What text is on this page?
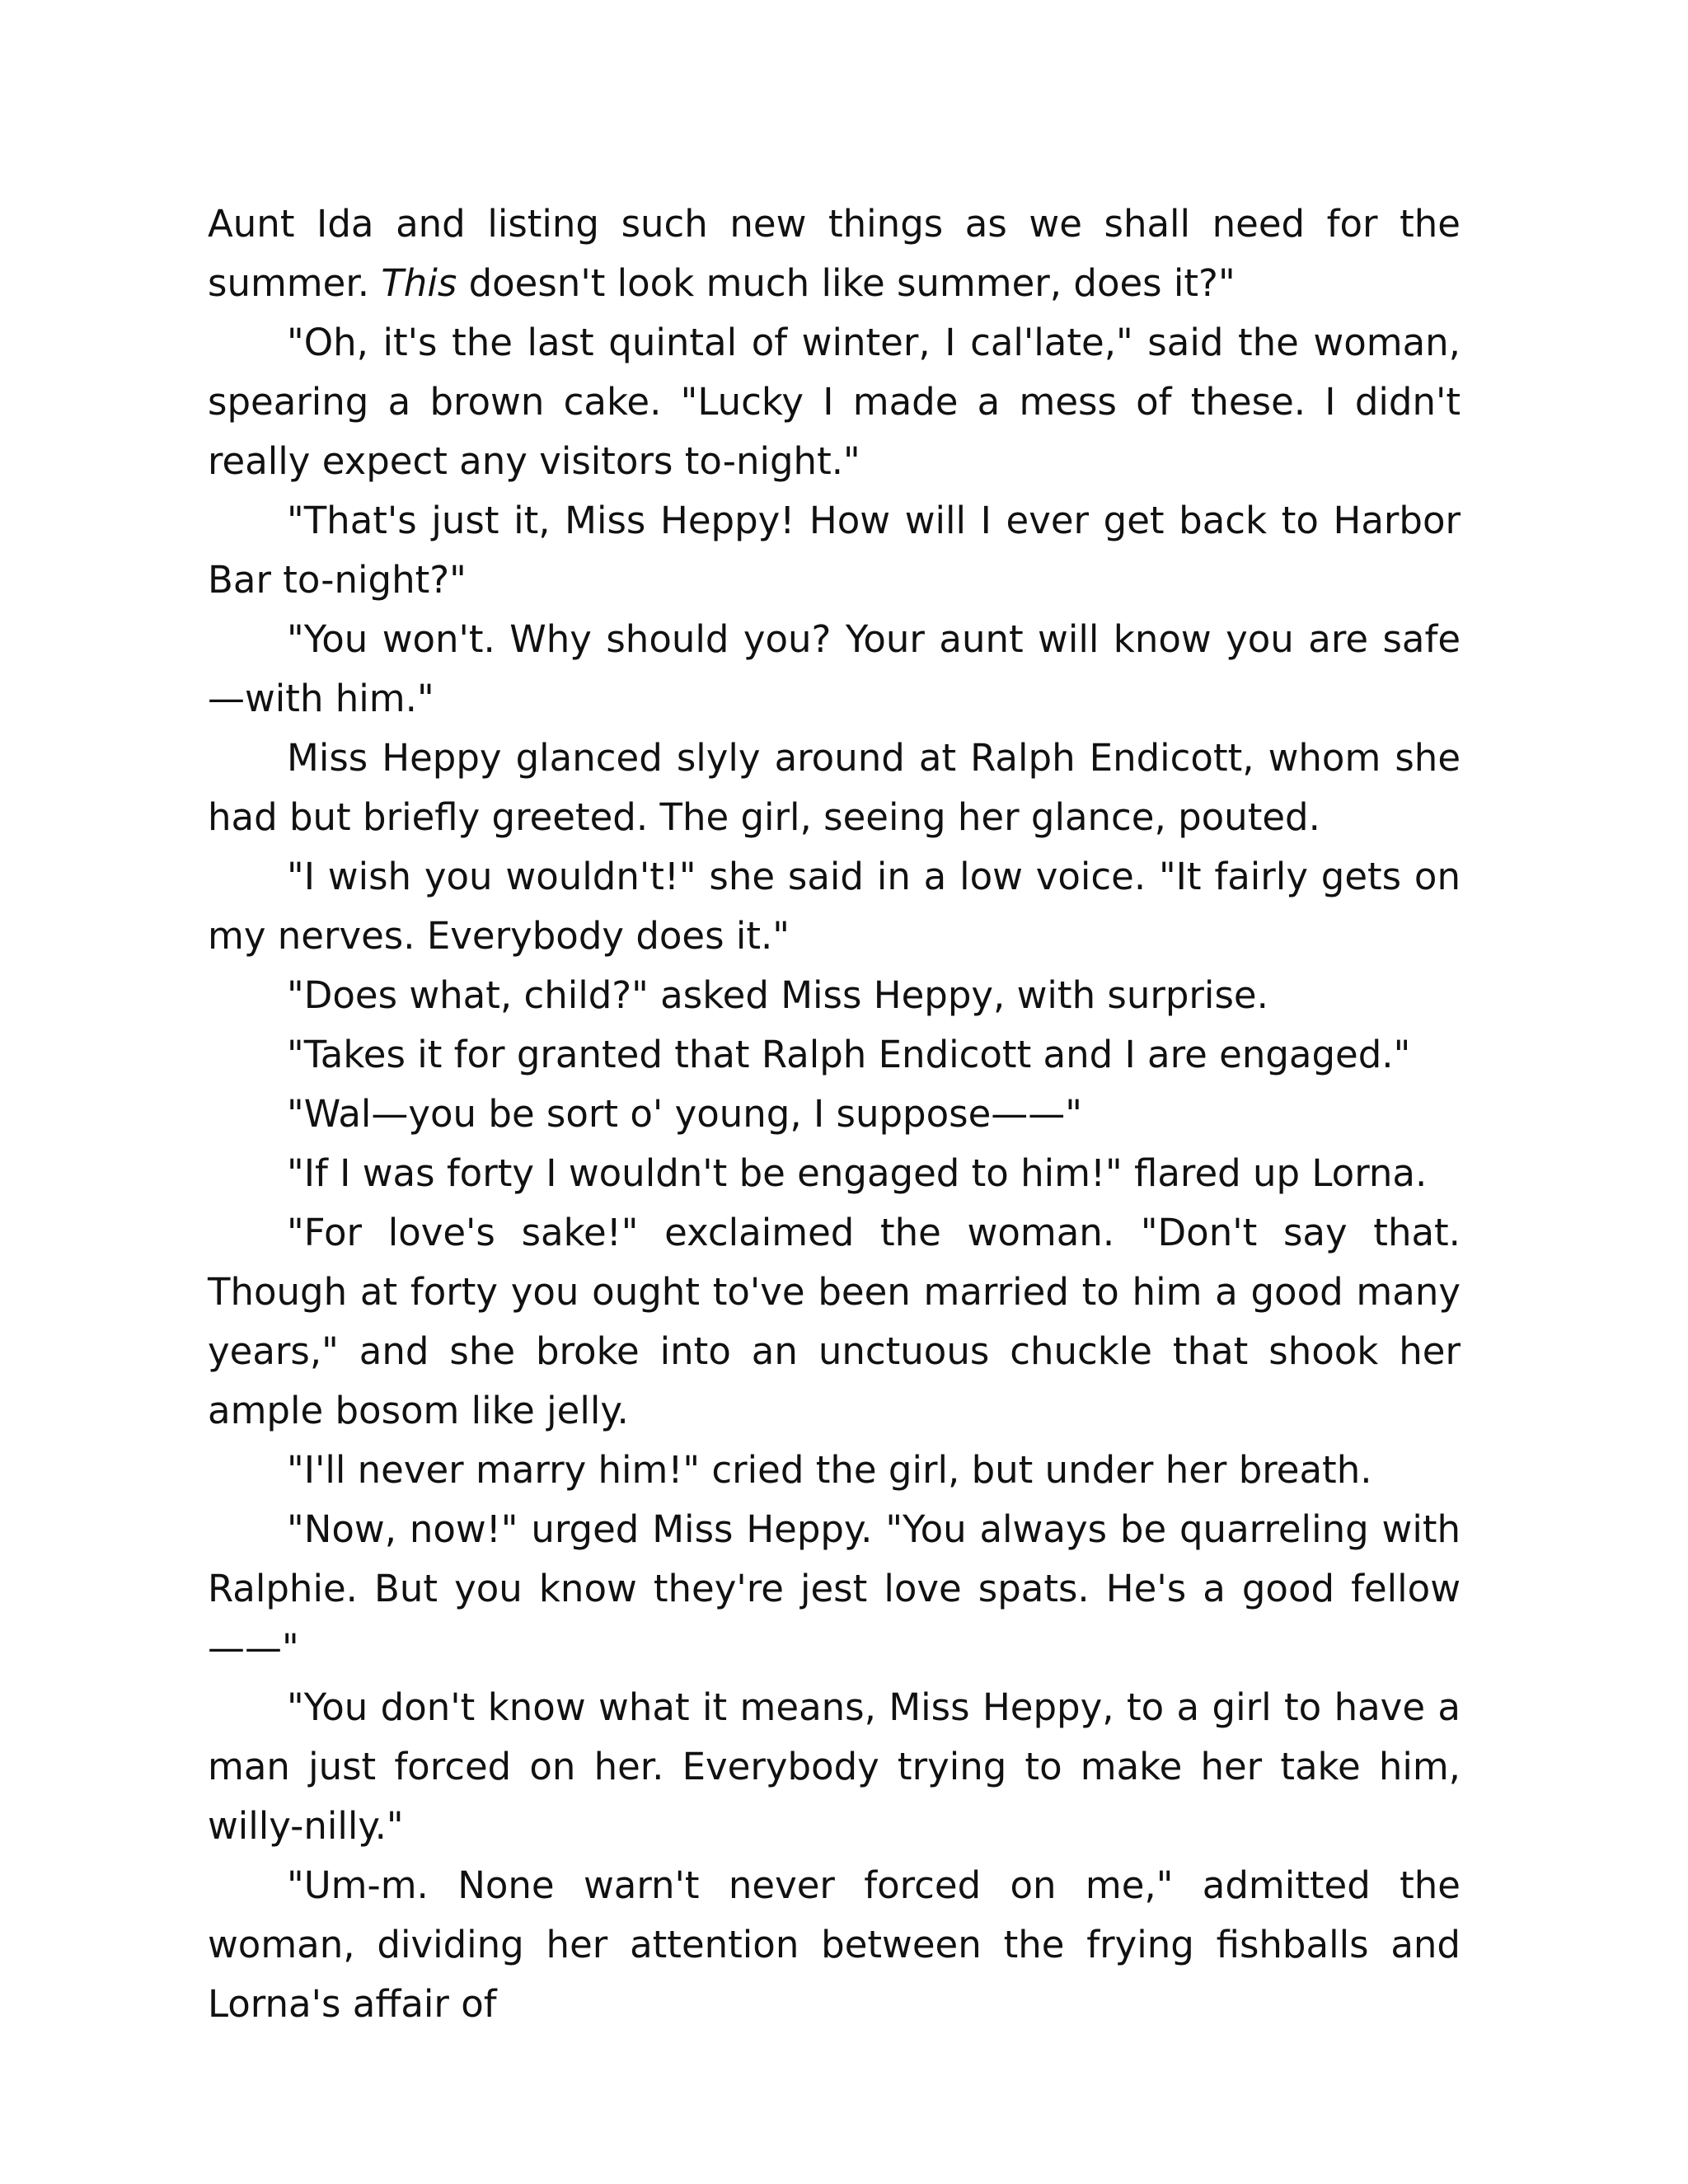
Aunt Ida and listing such new things as we shall need for the summer. This doesn't look much like summer, does it?"

"Oh, it's the last quintal of winter, I cal'late," said the woman, spearing a brown cake. "Lucky I made a mess of these. I didn't really expect any visitors to-night."

"That's just it, Miss Heppy! How will I ever get back to Harbor Bar to-night?"

"You won't. Why should you? Your aunt will know you are safe—with him."

Miss Heppy glanced slyly around at Ralph Endicott, whom she had but briefly greeted. The girl, seeing her glance, pouted.

"I wish you wouldn't!" she said in a low voice. "It fairly gets on my nerves. Everybody does it."

"Does what, child?" asked Miss Heppy, with surprise.

"Takes it for granted that Ralph Endicott and I are engaged."

"Wal—you be sort o' young, I suppose——"

"If I was forty I wouldn't be engaged to him!" flared up Lorna.

"For love's sake!" exclaimed the woman. "Don't say that. Though at forty you ought to've been married to him a good many years," and she broke into an unctuous chuckle that shook her ample bosom like jelly.

"I'll never marry him!" cried the girl, but under her breath.

"Now, now!" urged Miss Heppy. "You always be quarreling with Ralphie. But you know they're jest love spats. He's a good fellow——"

"You don't know what it means, Miss Heppy, to a girl to have a man just forced on her. Everybody trying to make her take him, willy-nilly."

"Um-m. None warn't never forced on me," admitted the woman, dividing her attention between the frying fishballs and Lorna's affair of
